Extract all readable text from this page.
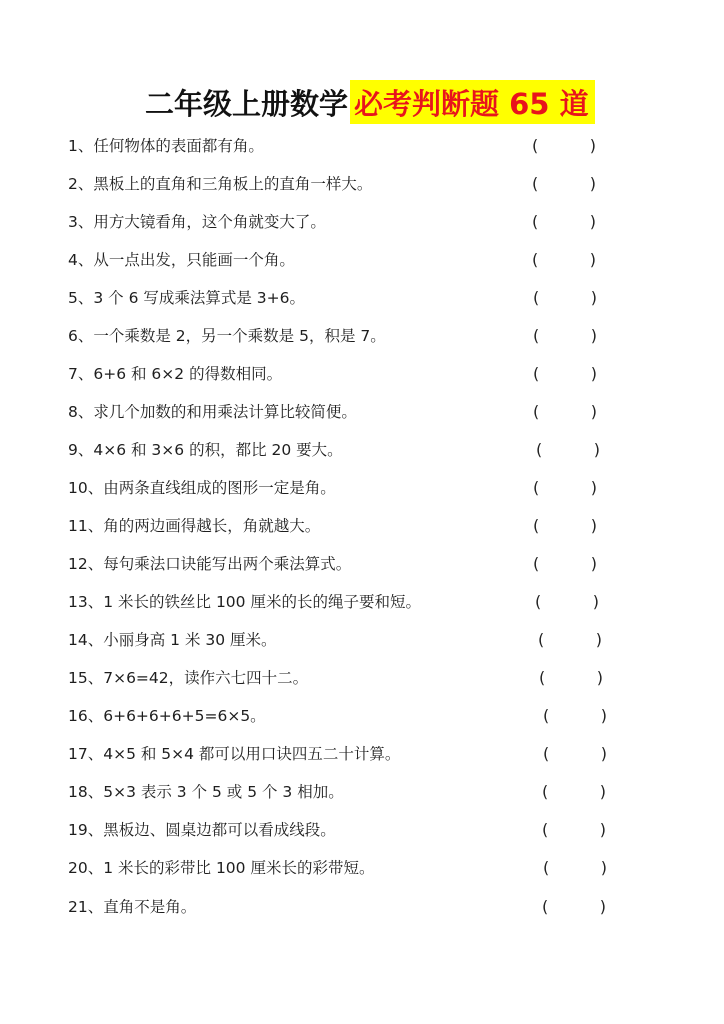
二年级上册数学 必考判断题 65 道
1、任何物体的表面都有角。	(	)
2、黑板上的直角和三角板上的直角一样大。	(	)
3、用方大镜看角，这个角就变大了。	(	)
4、从一点出发，只能画一个角。	(	)
5、3 个 6 写成乘法算式是 3+6。	(	)
6、一个乘数是 2，另一个乘数是 5，积是 7。	(	)
7、6+6 和 6×2 的得数相同。	(	)
8、求几个加数的和用乘法计算比较简便。	(	)
9、4×6 和 3×6 的积，都比 20 要大。	(	)
10、由两条直线组成的图形一定是角。	(	)
11、角的两边画得越长，角就越大。	(	)
12、每句乘法口诀能写出两个乘法算式。	(	)
13、1 米长的铁丝比 100 厘米的长的绳子要和短。	(	)
14、小丽身高 1 米 30 厘米。	(	)
15、7×6=42，读作六七四十二。	(	)
16、6+6+6+6+5=6×5。	(	)
17、4×5 和 5×4 都可以用口诀四五二十计算。	(	)
18、5×3 表示 3 个 5 或 5 个 3 相加。	(	)
19、黑板边、圆桌边都可以看成线段。	(	)
20、1 米长的彩带比 100 厘米长的彩带短。	(	)
21、直角不是角。	(	)
